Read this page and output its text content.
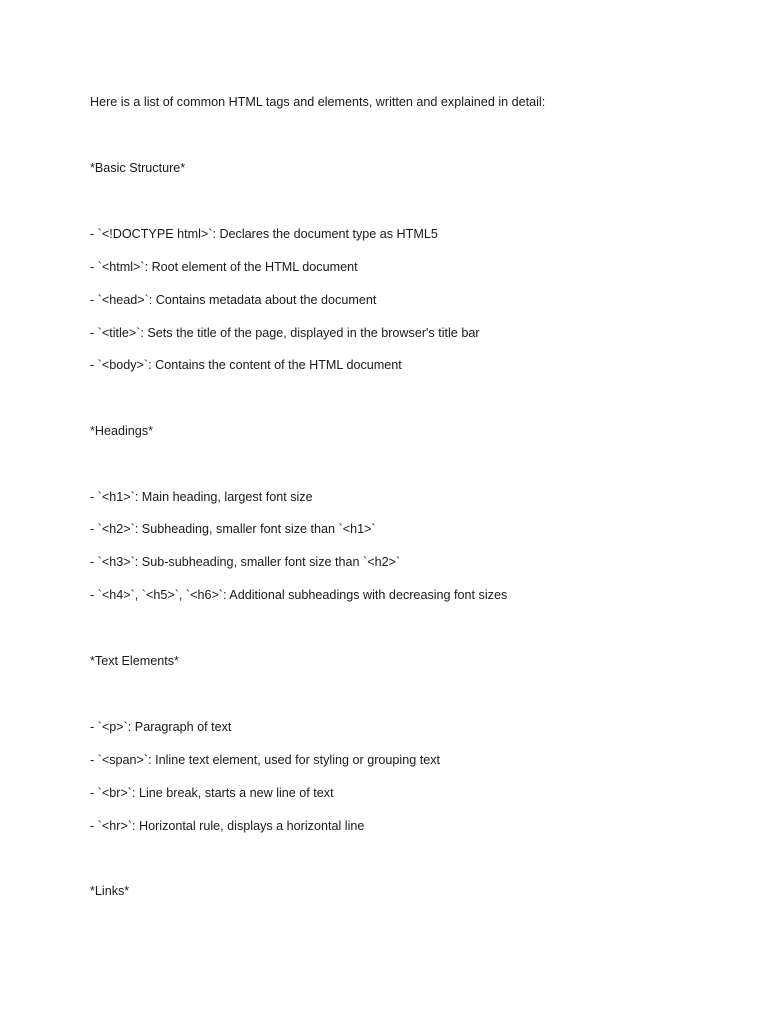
Here is a list of common HTML tags and elements, written and explained in detail:
*Basic Structure*
- `<!DOCTYPE html>`: Declares the document type as HTML5
- `<html>`: Root element of the HTML document
- `<head>`: Contains metadata about the document
- `<title>`: Sets the title of the page, displayed in the browser's title bar
- `<body>`: Contains the content of the HTML document
*Headings*
- `<h1>`: Main heading, largest font size
- `<h2>`: Subheading, smaller font size than `<h1>`
- `<h3>`: Sub-subheading, smaller font size than `<h2>`
- `<h4>`, `<h5>`, `<h6>`: Additional subheadings with decreasing font sizes
*Text Elements*
- `<p>`: Paragraph of text
- `<span>`: Inline text element, used for styling or grouping text
- `<br>`: Line break, starts a new line of text
- `<hr>`: Horizontal rule, displays a horizontal line
*Links*
